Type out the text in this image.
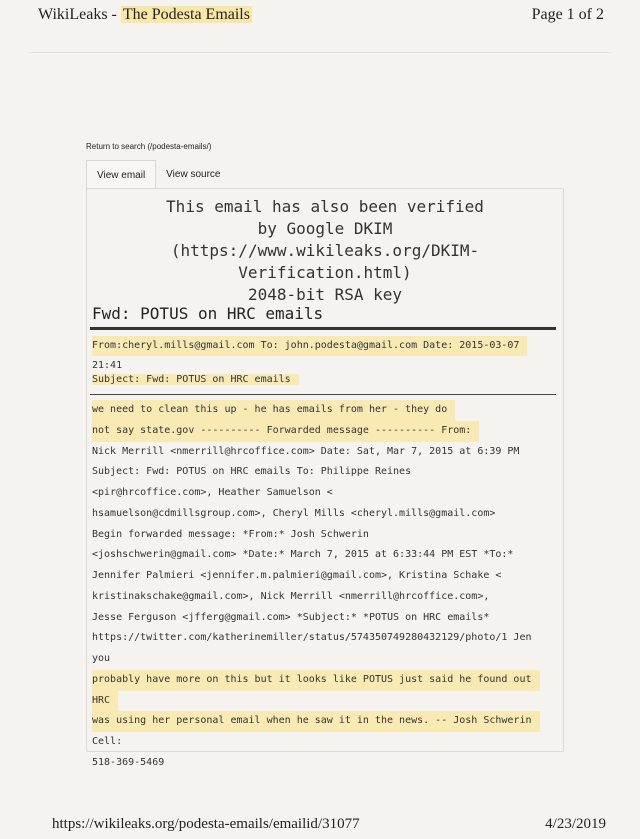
WikiLeaks - The Podesta Emails	Page 1 of 2
Return to search (/podesta-emails/)
View email	View source
This email has also been verified
by Google DKIM
(https://www.wikileaks.org/DKIM-
Verification.html)
2048-bit RSA key
Fwd: POTUS on HRC emails
From:cheryl.mills@gmail.com To: john.podesta@gmail.com Date: 2015-03-07
21:41
Subject: Fwd: POTUS on HRC emails
we need to clean this up - he has emails from her - they do
not say state.gov ---------- Forwarded message ---------- From:
Nick Merrill <nmerrill@hrcoffice.com> Date: Sat, Mar 7, 2015 at 6:39 PM
Subject: Fwd: POTUS on HRC emails To: Philippe Reines
<pir@hrcoffice.com>, Heather Samuelson <
hsamuelson@cdmillsgroup.com>, Cheryl Mills <cheryl.mills@gmail.com>
Begin forwarded message: *From:* Josh Schwerin
<joshschwerin@gmail.com> *Date:* March 7, 2015 at 6:33:44 PM EST *To:*
Jennifer Palmieri <jennifer.m.palmieri@gmail.com>, Kristina Schake <
kristinakschake@gmail.com>, Nick Merrill <nmerrill@hrcoffice.com>,
Jesse Ferguson <jfferg@gmail.com> *Subject:* *POTUS on HRC emails*
https://twitter.com/katherinemiller/status/574350749280432129/photo/1 Jen
you
probably have more on this but it looks like POTUS just said he found out
HRC
was using her personal email when he saw it in the news. -- Josh Schwerin
Cell:
518-369-5469
https://wikileaks.org/podesta-emails/emailid/31077	4/23/2019
